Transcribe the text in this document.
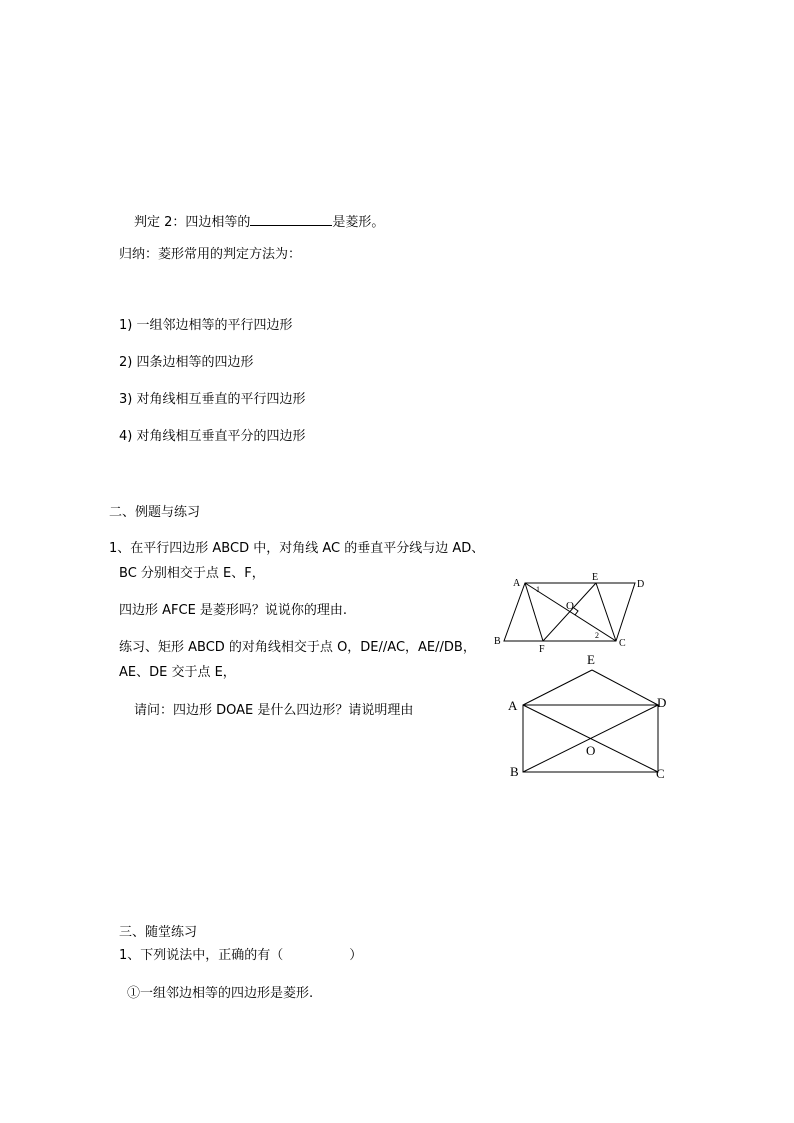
判定 2：四边相等的	是菱形。
归纳：菱形常用的判定方法为：
1) 一组邻边相等的平行四边形
2) 四条边相等的四边形
3) 对角线相互垂直的平行四边形
4) 对角线相互垂直平分的四边形
二、例题与练习
1、在平行四边形 ABCD 中，对角线 AC 的垂直平分线与边 AD、
BC 分别相交于点 E、F，
四边形 AFCE 是菱形吗？说说你的理由.
练习、矩形 ABCD 的对角线相交于点 O，DE//AC，AE//DB，
AE、DE 交于点 E，
请问：四边形 DOAE 是什么四边形？请说明理由
三、随堂练习
1、下列说法中，正确的有（	）
①一组邻边相等的四边形是菱形.
A
E
D
B
F
C
O
1
2
E
A	D
O
B	C
